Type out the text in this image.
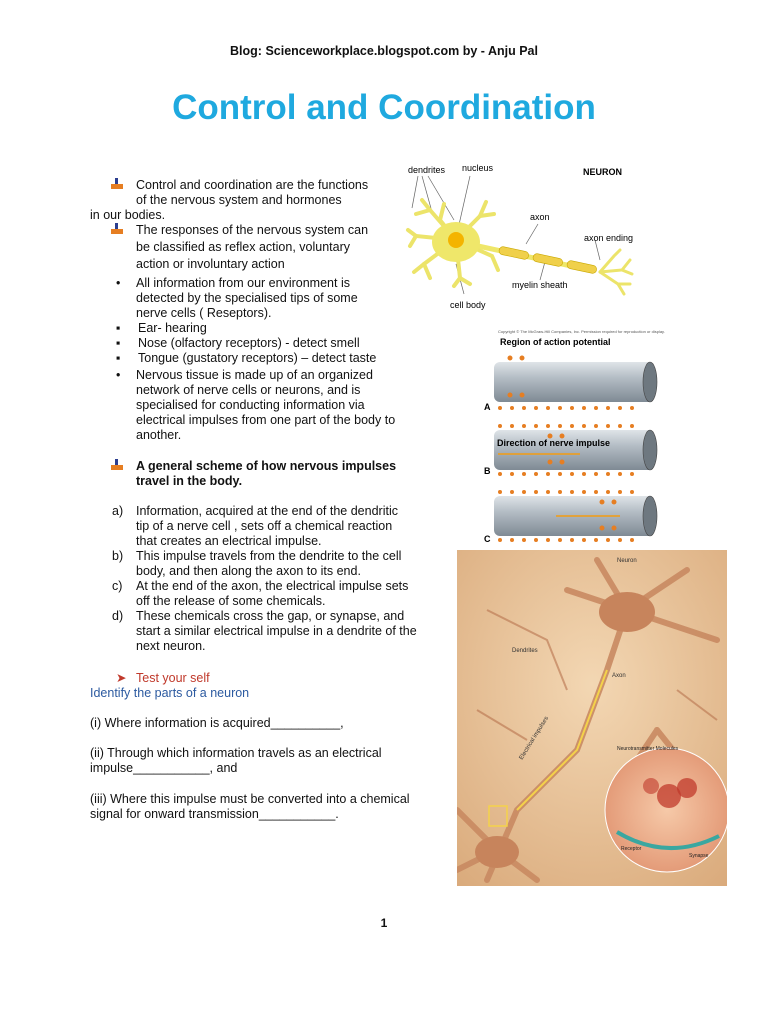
Blog: Scienceworkplace.blogspot.com by - Anju Pal
Control and Coordination
Control and coordination are the functions
of the nervous system and hormones
in our bodies.
The responses of the nervous system can
be classified as reflex action, voluntary
action or involuntary action
• All information from our environment is
detected by the specialised tips of some
nerve cells ( Reseptors).
▪ Ear- hearing
▪ Nose (olfactory receptors) - detect smell
▪ Tongue (gustatory receptors) – detect taste
• Nervous tissue is made up of an organized
network of nerve cells or neurons, and is
specialised for conducting information via
electrical impulses from one part of the body to
another.
A general scheme of how nervous impulses
travel in the body.
a)	Information, acquired at the end of the dendritic
tip of a nerve cell , sets off a chemical reaction
that creates an electrical impulse.
b)	This impulse travels from the dendrite to the cell
body, and then along the axon to its end.
c)	At the end of the axon, the electrical impulse sets
off the release of some chemicals.
d)	These chemicals cross the gap, or synapse, and
start a similar electrical impulse in a dendrite of the
next neuron.
➤ Test your self
Identify the parts of a neuron
(i) Where information is acquired__________,
(ii) Through which information travels as an electrical
impulse___________, and
(iii) Where this impulse must be converted into a chemical
signal for onward transmission___________.
dendrites nucleus	NEURON
axon
axon ending
myelin sheath
cell body
Copyright © The McGraw-Hill Companies, Inc. Permission required for reproduction or display.
Region of action potential
Direction of nerve impulse
A
B
C
Neuron
Dendrites
Axon
Electrical impulses	Neurotransmitter Molecules
Receptor
Synapse
1
